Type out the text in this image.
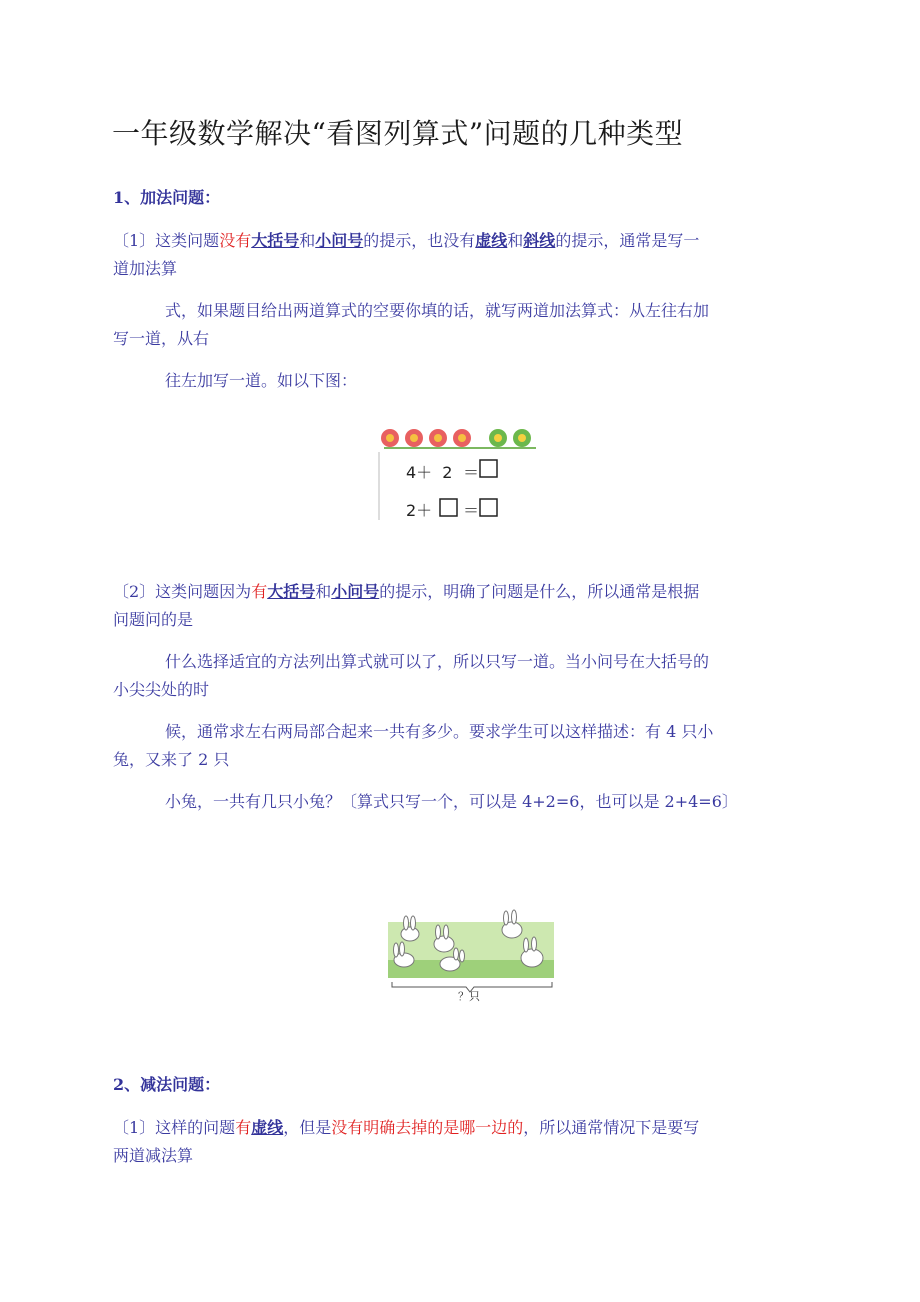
一年级数学解决“看图列算式”问题的几种类型
1、加法问题：
〔1〕这类问题没有大括号和小问号的提示，也没有虚线和斜线的提示，通常是写一
道加法算
式，如果题目给出两道算式的空要你填的话，就写两道加法算式：从左往右加
写一道，从右
往左加写一道。如以下图：
4＋ 2 ＝
2＋ ＝
〔2〕这类问题因为有大括号和小问号的提示，明确了问题是什么，所以通常是根据
问题问的是
什么选择适宜的方法列出算式就可以了，所以只写一道。当小问号在大括号的
小尖尖处的时
候，通常求左右两局部合起来一共有多少。要求学生可以这样描述：有 4 只小
兔，又来了 2 只
小兔，一共有几只小兔？〔算式只写一个，可以是 4+2=6，也可以是 2+4=6〕
？只
2、减法问题：
〔1〕这样的问题有虚线，但是没有明确去掉的是哪一边的，所以通常情况下是要写
两道减法算
